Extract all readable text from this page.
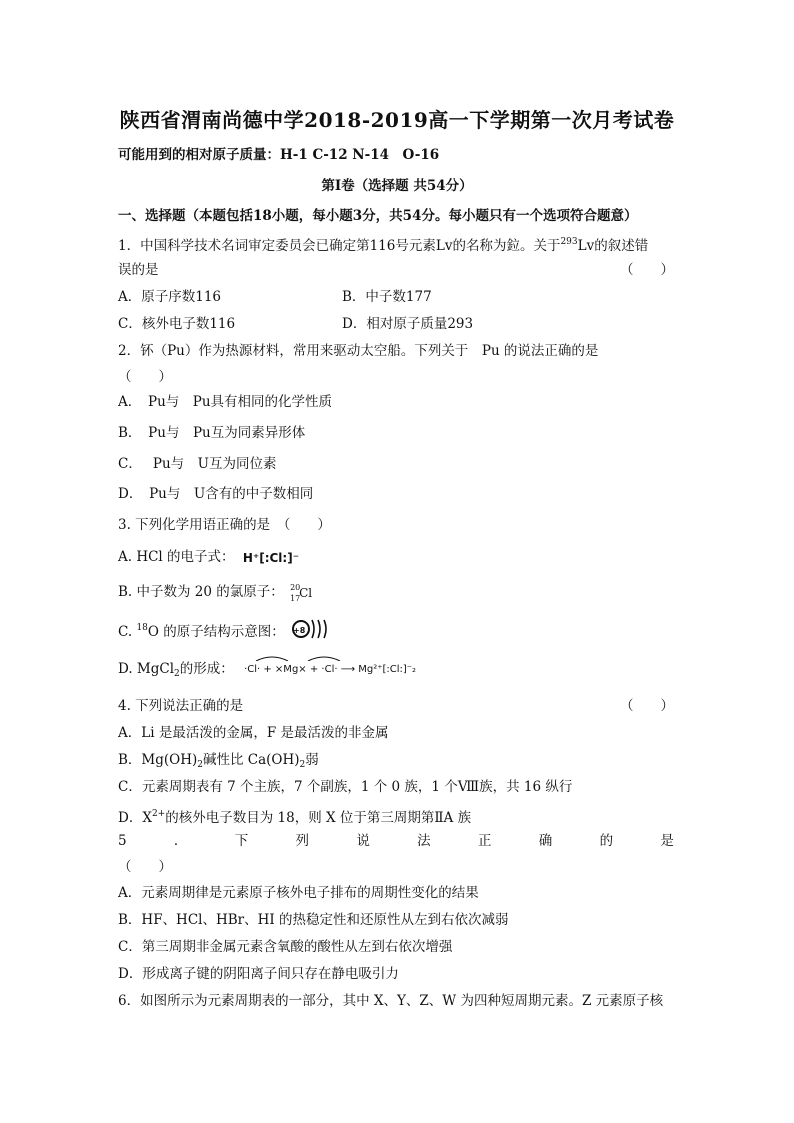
陕西省渭南尚德中学2018-2019高一下学期第一次月考试卷
可能用到的相对原子质量：H-1 C-12 N-14　O-16
第Ⅰ卷（选择题 共54分）
一、选择题（本题包括18小题，每小题3分，共54分。每小题只有一个选项符合题意）
1．中国科学技术名词审定委员会已确定第116号元素Lv的名称为鉝。关于$^{293}$Lv的叙述错
误的是	（　　）
A．原子序数116	B．中子数177
C．核外电子数116	D．相对原子质量293
2．钚（Pu）作为热源材料，常用来驱动太空船。下列关于　Pu 的说法正确的是
（　　）
A．　Pu与　Pu具有相同的化学性质
B．　Pu与　Pu互为同素异形体
C．　 Pu与　U互为同位素
D．　Pu与　U含有的中子数相同
3. 下列化学用语正确的是　（　　）
A. HCl 的电子式： H⁺[:Cl:]⁻
B. 中子数为 20 的氯原子： 20
17
Cl
C. $^{18}$O 的原子结构示意图： +8
D. MgCl$_2$的形成： ·Cl· + ×Mg× + ·Cl· ⟶ Mg²⁺[:Cl:]⁻₂
4. 下列说法正确的是	（　　）
A．Li 是最活泼的金属，F 是最活泼的非金属
B．$Mg(OH)_2$碱性比 $Ca(OH)_2$弱
C．元素周期表有 7 个主族，7 个副族，1 个 0 族，1 个Ⅷ族，共 16 纵行
D．$X^{2+}$的核外电子数目为 18，则 X 位于第三周期第ⅡA 族
5	．	下	列	说	法	正	确	的	是
（　　）
A．元素周期律是元素原子核外电子排布的周期性变化的结果
B．HF、HCl、HBr、HI 的热稳定性和还原性从左到右依次减弱
C．第三周期非金属元素含氧酸的酸性从左到右依次增强
D．形成离子键的阴阳离子间只存在静电吸引力
6．如图所示为元素周期表的一部分，其中 X、Y、Z、W 为四种短周期元素。Z 元素原子核
